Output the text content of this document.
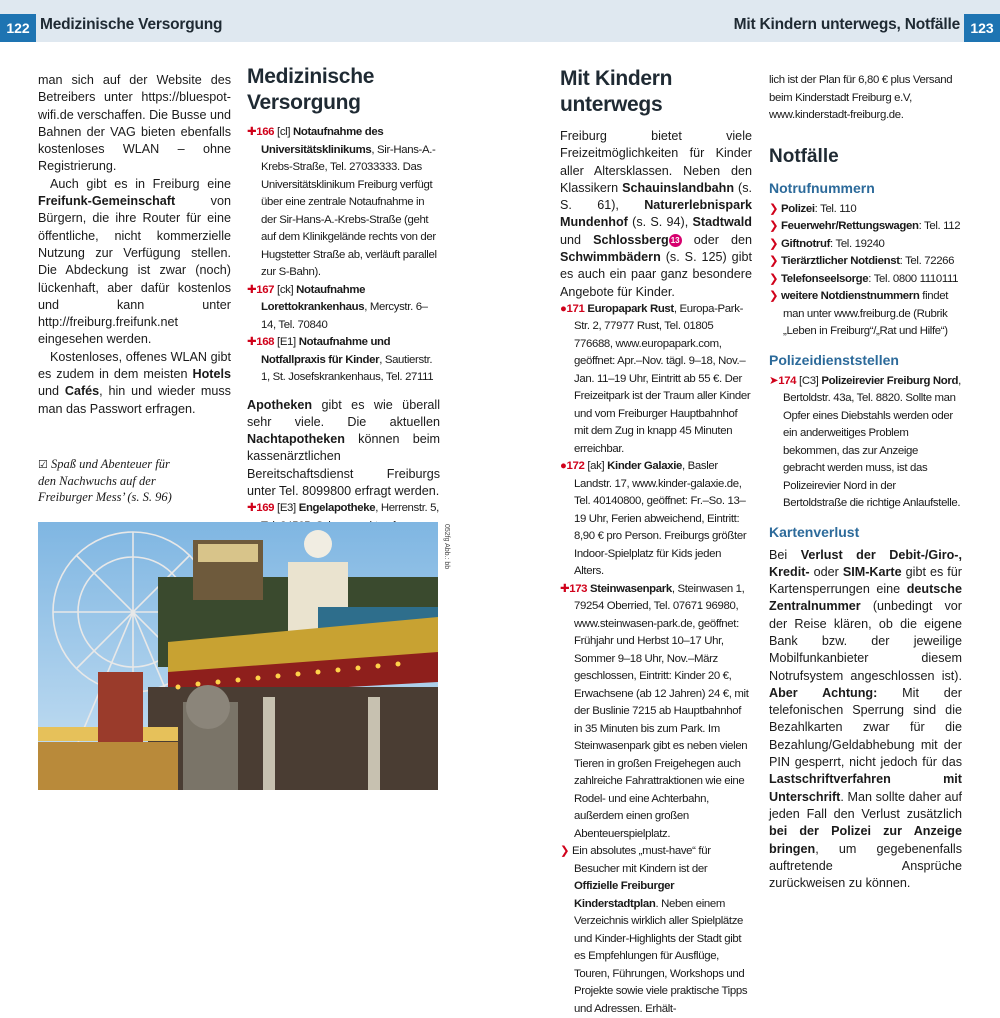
122 Medizinische Versorgung

man sich auf der Website des Betreibers unter https://bluespot-wifi.de verschaffen. Die Busse und Bahnen der VAG bieten ebenfalls kostenloses WLAN – ohne Registrierung.

Auch gibt es in Freiburg eine Freifunk-Gemeinschaft von Bürgern, die ihre Router für eine öffentliche, nicht kommerzielle Nutzung zur Verfügung stellen. Die Abdeckung ist zwar (noch) lückenhaft, aber dafür kostenlos und kann unter http://freiburg.freifunk.net eingesehen werden.

Kostenloses, offenes WLAN gibt es zudem in dem meisten Hotels und Cafés, hin und wieder muss man das Passwort erfragen.

☑ Spaß und Abenteuer für den Nachwuchs auf der Freiburger Mess’ (s. S. 96)
Medizinische Versorgung

✚166 [cl] Notaufnahme des Universitätsklinikums, Sir-Hans-A.-Krebs-Straße, Tel. 27033333. Das Universitätsklinikum Freiburg verfügt über eine zentrale Notaufnahme in der Sir-Hans-A.-Krebs-Straße (geht auf dem Klinikgelände rechts von der Hugstetter Straße ab, verläuft parallel zur S-Bahn).

✚167 [ck] Notaufnahme Lorettokrankenhaus, Mercystr. 6–14, Tel. 70840

✚168 [E1] Notaufnahme und Notfallpraxis für Kinder, Sautierstr. 1, St. Josefskrankenhaus, Tel. 27111

Apotheken gibt es wie überall sehr viele. Die aktuellen Nachtapotheken können beim kassenärztlichen Bereitschaftsdienst Freiburgs unter Tel. 8099800 erfragt werden.

✚169 [E3] Engelapotheke, Herrenstr. 5,

052fg Abb.: bb
Mit Kindern unterwegs, Notfälle 123
Mit Kindern unterwegs

Freiburg bietet viele Freizeitmöglichkeiten für Kinder aller Altersklassen. Neben den Klassikern Schauinslandbahn (s. S. 61), Naturerlebnispark Mundenhof (s. S. 94), Stadtwald und Schlossberg 13 oder den Schwimmbädern (s. S. 125) gibt es auch ein paar ganz besondere Angebote für Kinder.

●171 Europapark Rust, Europa-Park-Str. 2, 77977 Rust, Tel. 01805 776688, www.europapark.com, geöffnet: Apr.–Nov. tägl. 9–18, Nov.–Jan. 11–19 Uhr, Eintritt ab 55 €. Der Freizeitpark ist der Traum aller Kinder und vom Freiburger Hauptbahnhof mit dem Zug in knapp 45 Minuten erreichbar.

●172 [ak] Kinder Galaxie, Basler Landstr. 17, www.kinder-galaxie.de, Tel. 40140800, geöffnet: Fr.–So. 13–19 Uhr, Ferien abweichend, Eintritt: 8,90 € pro Person. Freiburgs größter Indoor-Spielplatz für Kids jeden Alters.

✚173 Steinwasenpark, Steinwasen 1, 79254 Oberried, Tel. 07671 96980, www.steinwasen-park.de, geöffnet: Frühjahr und Herbst 10–17 Uhr, Sommer 9–18 Uhr, Nov.–März geschlossen, Eintritt: Kinder 20 €, Erwachsene (ab 12 Jahren) 24 €, mit der Buslinie 7215 ab Hauptbahnhof in 35 Minuten bis zum Park. Im Steinwasenpark gibt es neben vielen Tieren in großen Freigehegen auch zahlreiche Fahrattraktionen wie eine Rodel- und eine Achterbahn, außerdem einen großen Abenteuerspielplatz.

❯ Ein absolutes „must-have“ für Besucher mit Kindern ist der Offizielle Freiburger Kinderstadtplan. Neben einem Verzeichnis wirklich aller Spielplätze und Kinder-Highlights der Stadt gibt es Empfehlungen für Ausflüge, Touren, Führungen, Workshops und Projekte sowie viele praktische Tipps und Adressen. Erhält-

lich ist der Plan für 6,80 € plus Versand beim Kinderstadt Freiburg e.V, www.kinderstadt-freiburg.de.

Notfälle
Notrufnummern
❯ Polizei: Tel. 110
❯ Feuerwehr/Rettungswagen: Tel. 112
❯ Giftnotruf: Tel. 19240
❯ Tierärztlicher Notdienst: Tel. 72266
❯ Telefonseelsorge: Tel. 0800 1110111
❯ weitere Notdienstnummern findet man unter www.freiburg.de (Rubrik „Leben in Freiburg“/„Rat und Hilfe“)
Polizeidienststellen

➤174 [C3] Polizeirevier Freiburg Nord, Bertoldstr. 43a, Tel. 8820. Sollte man Opfer eines Diebstahls werden oder ein anderweitiges Problem bekommen, das zur Anzeige gebracht werden muss, ist das Polizeirevier Nord in der Bertoldstraße die richtige Anlaufstelle.

Kartenverlust

Bei Verlust der Debit-/Giro-, Kredit- oder SIM-Karte gibt es für Kartensperrungen eine deutsche Zentralnummer (unbedingt vor der Reise klären, ob die eigene Bank bzw. der jeweilige Mobilfunkanbieter diesem Notrufsystem angeschlossen ist). Aber Achtung: Mit der telefonischen Sperrung sind die Bezahlkarten zwar für die Bezahlung/Geldabhebung mit der PIN gesperrt, nicht jedoch für das Lastschriftverfahren mit Unterschrift. Man sollte daher auf jeden Fall den Verlust zusätzlich bei der Polizei zur Anzeige bringen, um gegebenenfalls auftretende Ansprüche zurückweisen zu können.
